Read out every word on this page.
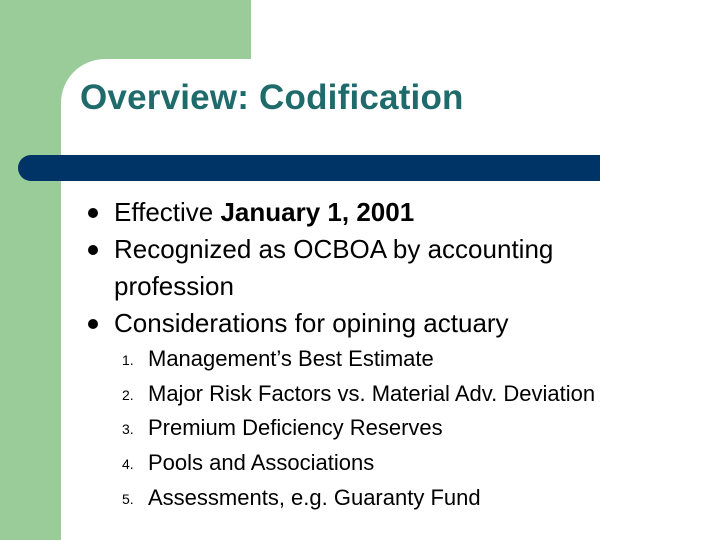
Overview: Codification
Effective January 1, 2001
Recognized as OCBOA by accounting profession
Considerations for opining actuary
1. Management’s Best Estimate
2. Major Risk Factors vs. Material Adv. Deviation
3. Premium Deficiency Reserves
4. Pools and Associations
5. Assessments, e.g. Guaranty Fund
